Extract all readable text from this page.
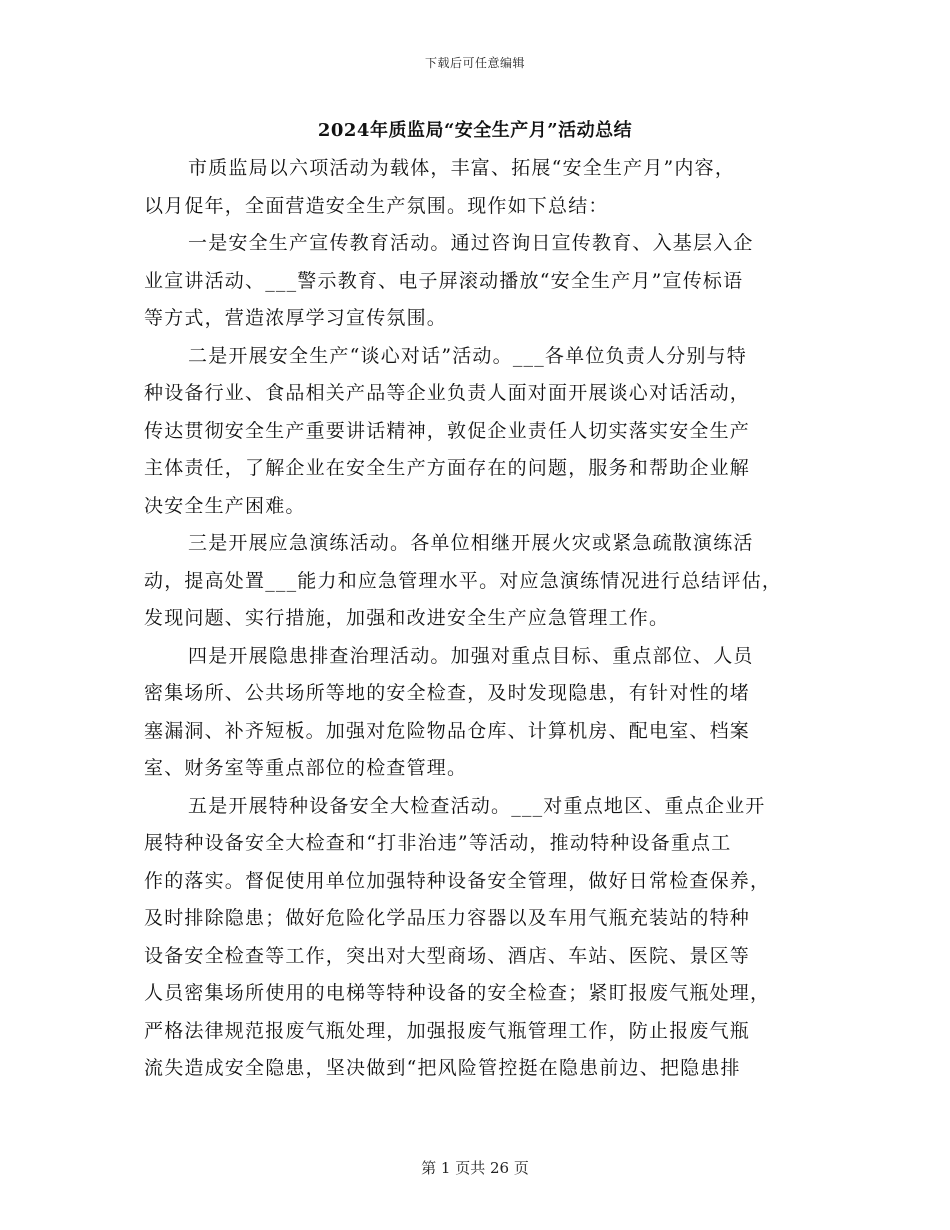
下载后可任意编辑
2024年质监局“安全生产月”活动总结
市质监局以六项活动为载体，丰富、拓展“安全生产月”内容，
以月促年，全面营造安全生产氛围。现作如下总结：
一是安全生产宣传教育活动。通过咨询日宣传教育、入基层入企
业宣讲活动、___警示教育、电子屏滚动播放“安全生产月”宣传标语
等方式，营造浓厚学习宣传氛围。
二是开展安全生产“谈心对话”活动。___各单位负责人分别与特
种设备行业、食品相关产品等企业负责人面对面开展谈心对话活动，
传达贯彻安全生产重要讲话精神，敦促企业责任人切实落实安全生产
主体责任，了解企业在安全生产方面存在的问题，服务和帮助企业解
决安全生产困难。
三是开展应急演练活动。各单位相继开展火灾或紧急疏散演练活
动，提高处置___能力和应急管理水平。对应急演练情况进行总结评估，
发现问题、实行措施，加强和改进安全生产应急管理工作。
四是开展隐患排查治理活动。加强对重点目标、重点部位、人员
密集场所、公共场所等地的安全检查，及时发现隐患，有针对性的堵
塞漏洞、补齐短板。加强对危险物品仓库、计算机房、配电室、档案
室、财务室等重点部位的检查管理。
五是开展特种设备安全大检查活动。___对重点地区、重点企业开
展特种设备安全大检查和“打非治违”等活动，推动特种设备重点工
作的落实。督促使用单位加强特种设备安全管理，做好日常检查保养，
及时排除隐患；做好危险化学品压力容器以及车用气瓶充装站的特种
设备安全检查等工作，突出对大型商场、酒店、车站、医院、景区等
人员密集场所使用的电梯等特种设备的安全检查；紧盯报废气瓶处理，
严格法律规范报废气瓶处理，加强报废气瓶管理工作，防止报废气瓶
流失造成安全隐患，坚决做到“把风险管控挺在隐患前边、把隐患排
第 1 页共 26 页
